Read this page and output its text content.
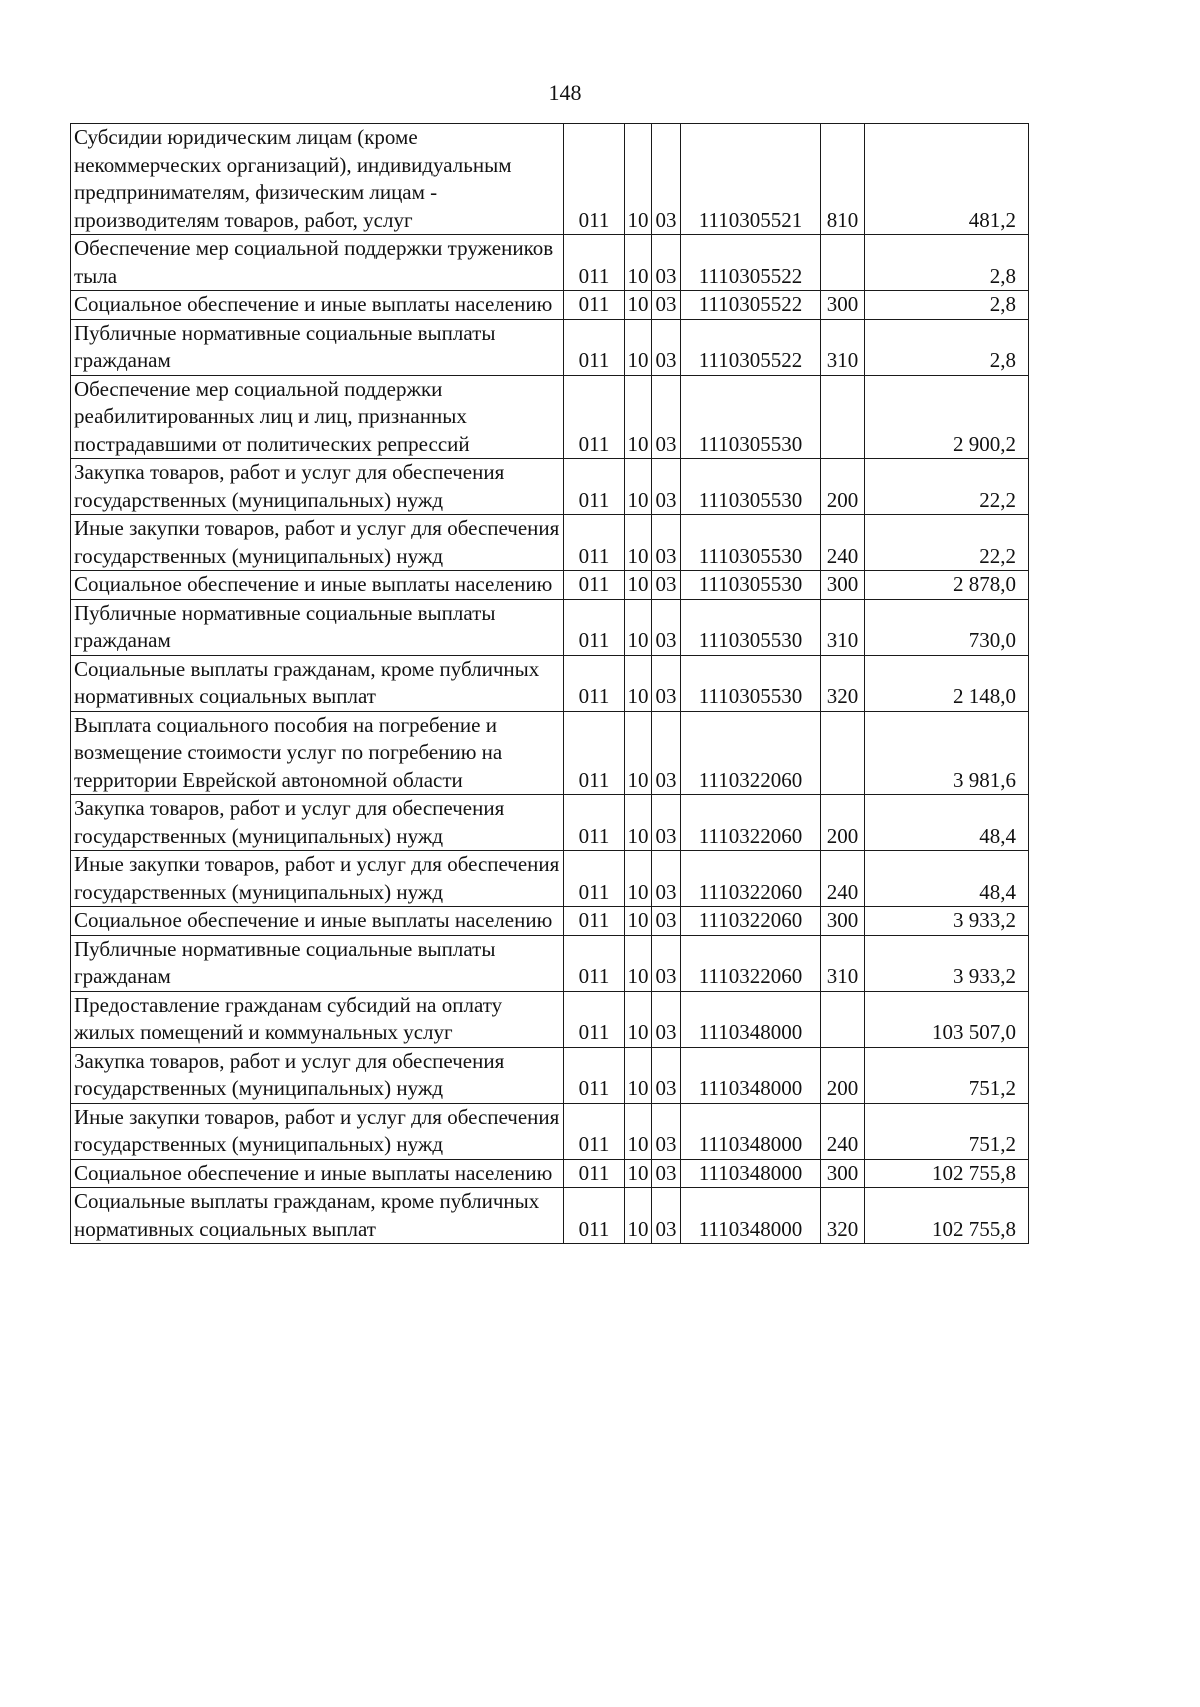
148
Субсидии юридическим лицам (кроме некоммерческих организаций), индивидуальным предпринимателям, физическим лицам - производителям товаров, работ, услуг	011	10	03	1110305521	810	481,2
Обеспечение мер социальной поддержки тружеников тыла	011	10	03	1110305522		2,8
Социальное обеспечение и иные выплаты населению	011	10	03	1110305522	300	2,8
Публичные нормативные социальные выплаты гражданам	011	10	03	1110305522	310	2,8
Обеспечение мер социальной поддержки реабилитированных лиц и лиц, признанных пострадавшими от политических репрессий	011	10	03	1110305530		2 900,2
Закупка товаров, работ и услуг для обеспечения государственных (муниципальных) нужд	011	10	03	1110305530	200	22,2
Иные закупки товаров, работ и услуг для обеспечения государственных (муниципальных) нужд	011	10	03	1110305530	240	22,2
Социальное обеспечение и иные выплаты населению	011	10	03	1110305530	300	2 878,0
Публичные нормативные социальные выплаты гражданам	011	10	03	1110305530	310	730,0
Социальные выплаты гражданам, кроме публичных нормативных социальных выплат	011	10	03	1110305530	320	2 148,0
Выплата социального пособия на погребение и возмещение стоимости услуг по погребению на территории Еврейской автономной области	011	10	03	1110322060		3 981,6
Закупка товаров, работ и услуг для обеспечения государственных (муниципальных) нужд	011	10	03	1110322060	200	48,4
Иные закупки товаров, работ и услуг для обеспечения государственных (муниципальных) нужд	011	10	03	1110322060	240	48,4
Социальное обеспечение и иные выплаты населению	011	10	03	1110322060	300	3 933,2
Публичные нормативные социальные выплаты гражданам	011	10	03	1110322060	310	3 933,2
Предоставление гражданам субсидий на оплату жилых помещений и коммунальных услуг	011	10	03	1110348000		103 507,0
Закупка товаров, работ и услуг для обеспечения государственных (муниципальных) нужд	011	10	03	1110348000	200	751,2
Иные закупки товаров, работ и услуг для обеспечения государственных (муниципальных) нужд	011	10	03	1110348000	240	751,2
Социальное обеспечение и иные выплаты населению	011	10	03	1110348000	300	102 755,8
Социальные выплаты гражданам, кроме публичных нормативных социальных выплат	011	10	03	1110348000	320	102 755,8
